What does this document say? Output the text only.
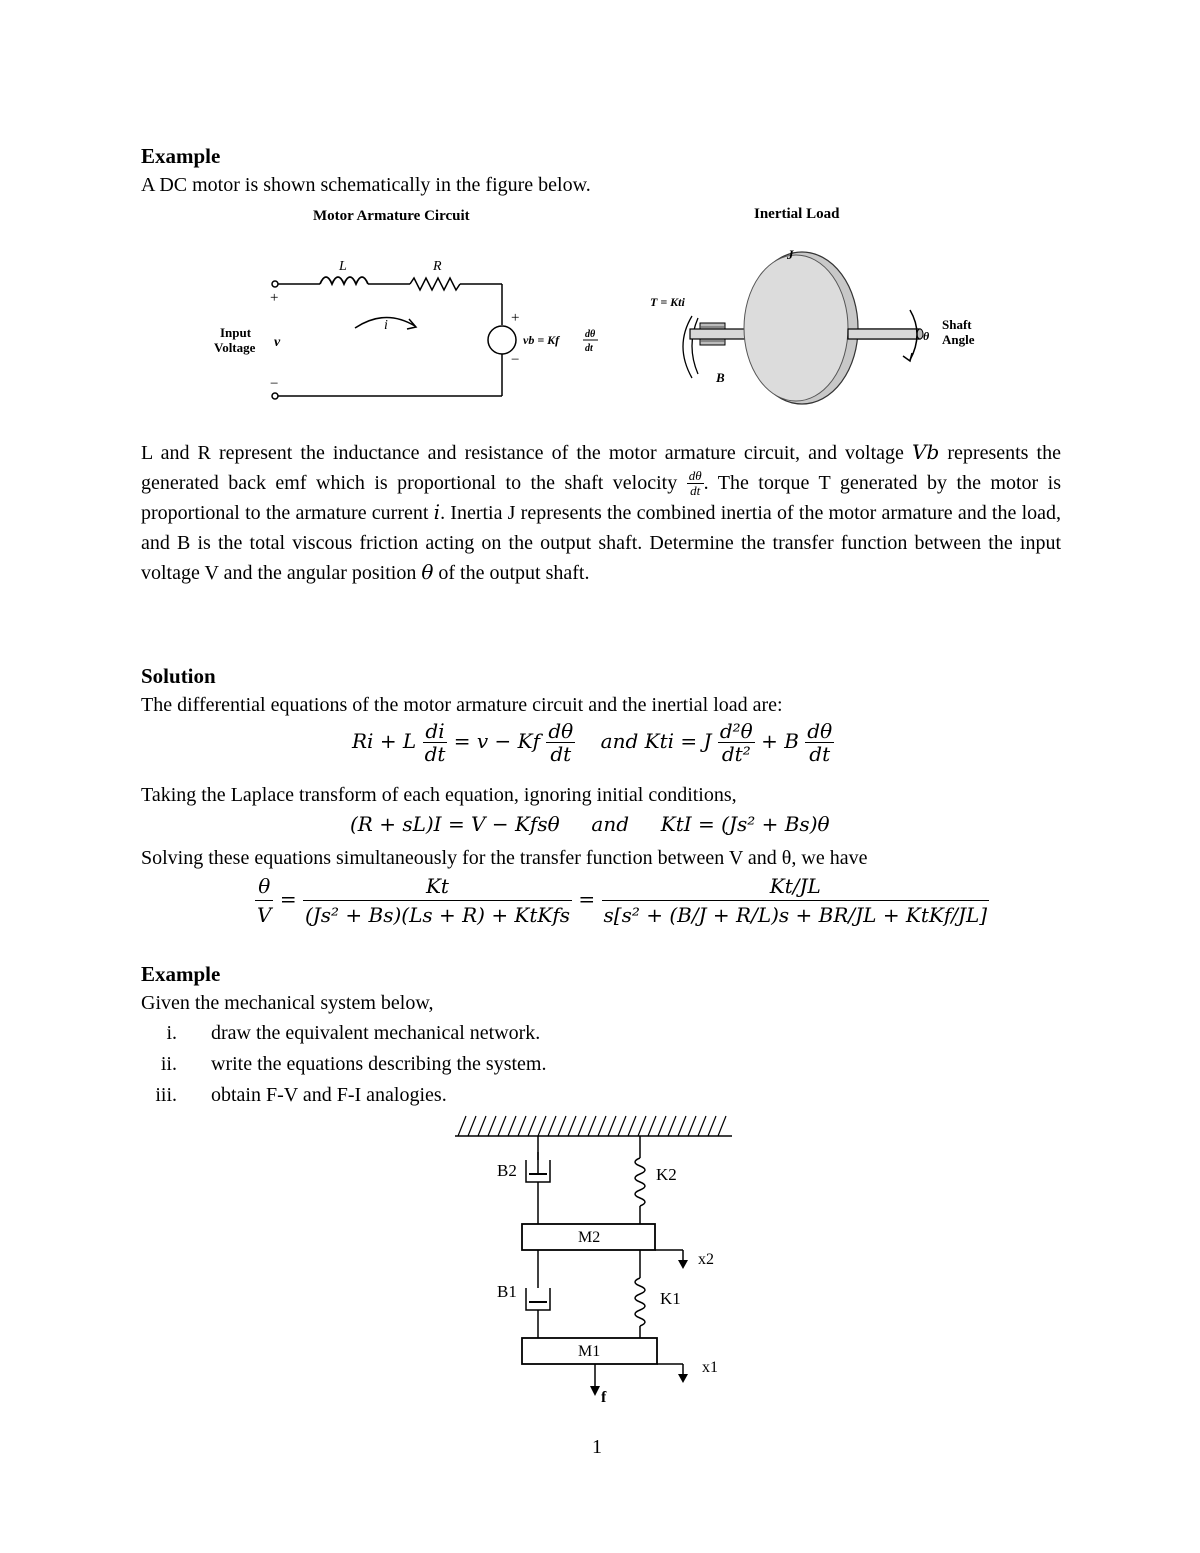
Example
A DC motor is shown schematically in the figure below.
Motor Armature Circuit	Inertial Load
L	R
i
+
−
Input
Voltage v
+
−
vb = Kf	dθ
dt
T = Kti
B
J
θ
Shaft
Angle
L and R represent the inductance and resistance of the motor armature circuit, and voltage Vb represents the generated back emf which is proportional to the shaft velocity $\frac{d\theta}{dt}$ . The torque T generated by the motor is proportional to the armature current i. Inertia J represents the combined inertia of the motor armature and the load, and B is the total viscous friction acting on the output shaft. Determine the transfer function between the input voltage V and the angular position θ of the output shaft.
Solution
The differential equations of the motor armature circuit and the inertial load are:
Ri + L $\frac{di}{dt} = v - Kf \frac{d\theta}{dt}$ and Kti = J $\frac{\text{d²θ}}{\text{dt²}} + B \frac{d\theta}{dt}$
Taking the Laplace transform of each equation, ignoring initial conditions,
(R + sL)I = V − Kfsθ     and     KtI = (Js² + Bs)θ
Solving these equations simultaneously for the transfer function between V and θ, we have
$\frac{\theta}{V} = \frac{Kt}{\text{(Js² + Bs)(Ls + R) + KtKfs}} = \frac{Kt/JL}{\text{s[s² + (B/J + R/L)s + BR/JL + KtKf/JL]}}$
Example
Given the mechanical system below,
i. draw the equivalent mechanical network.
ii. write the equations describing the system.
iii. obtain F-V and F-I analogies.
B2	K2
M2
x2
B1	K1
M1
x1
f
1
